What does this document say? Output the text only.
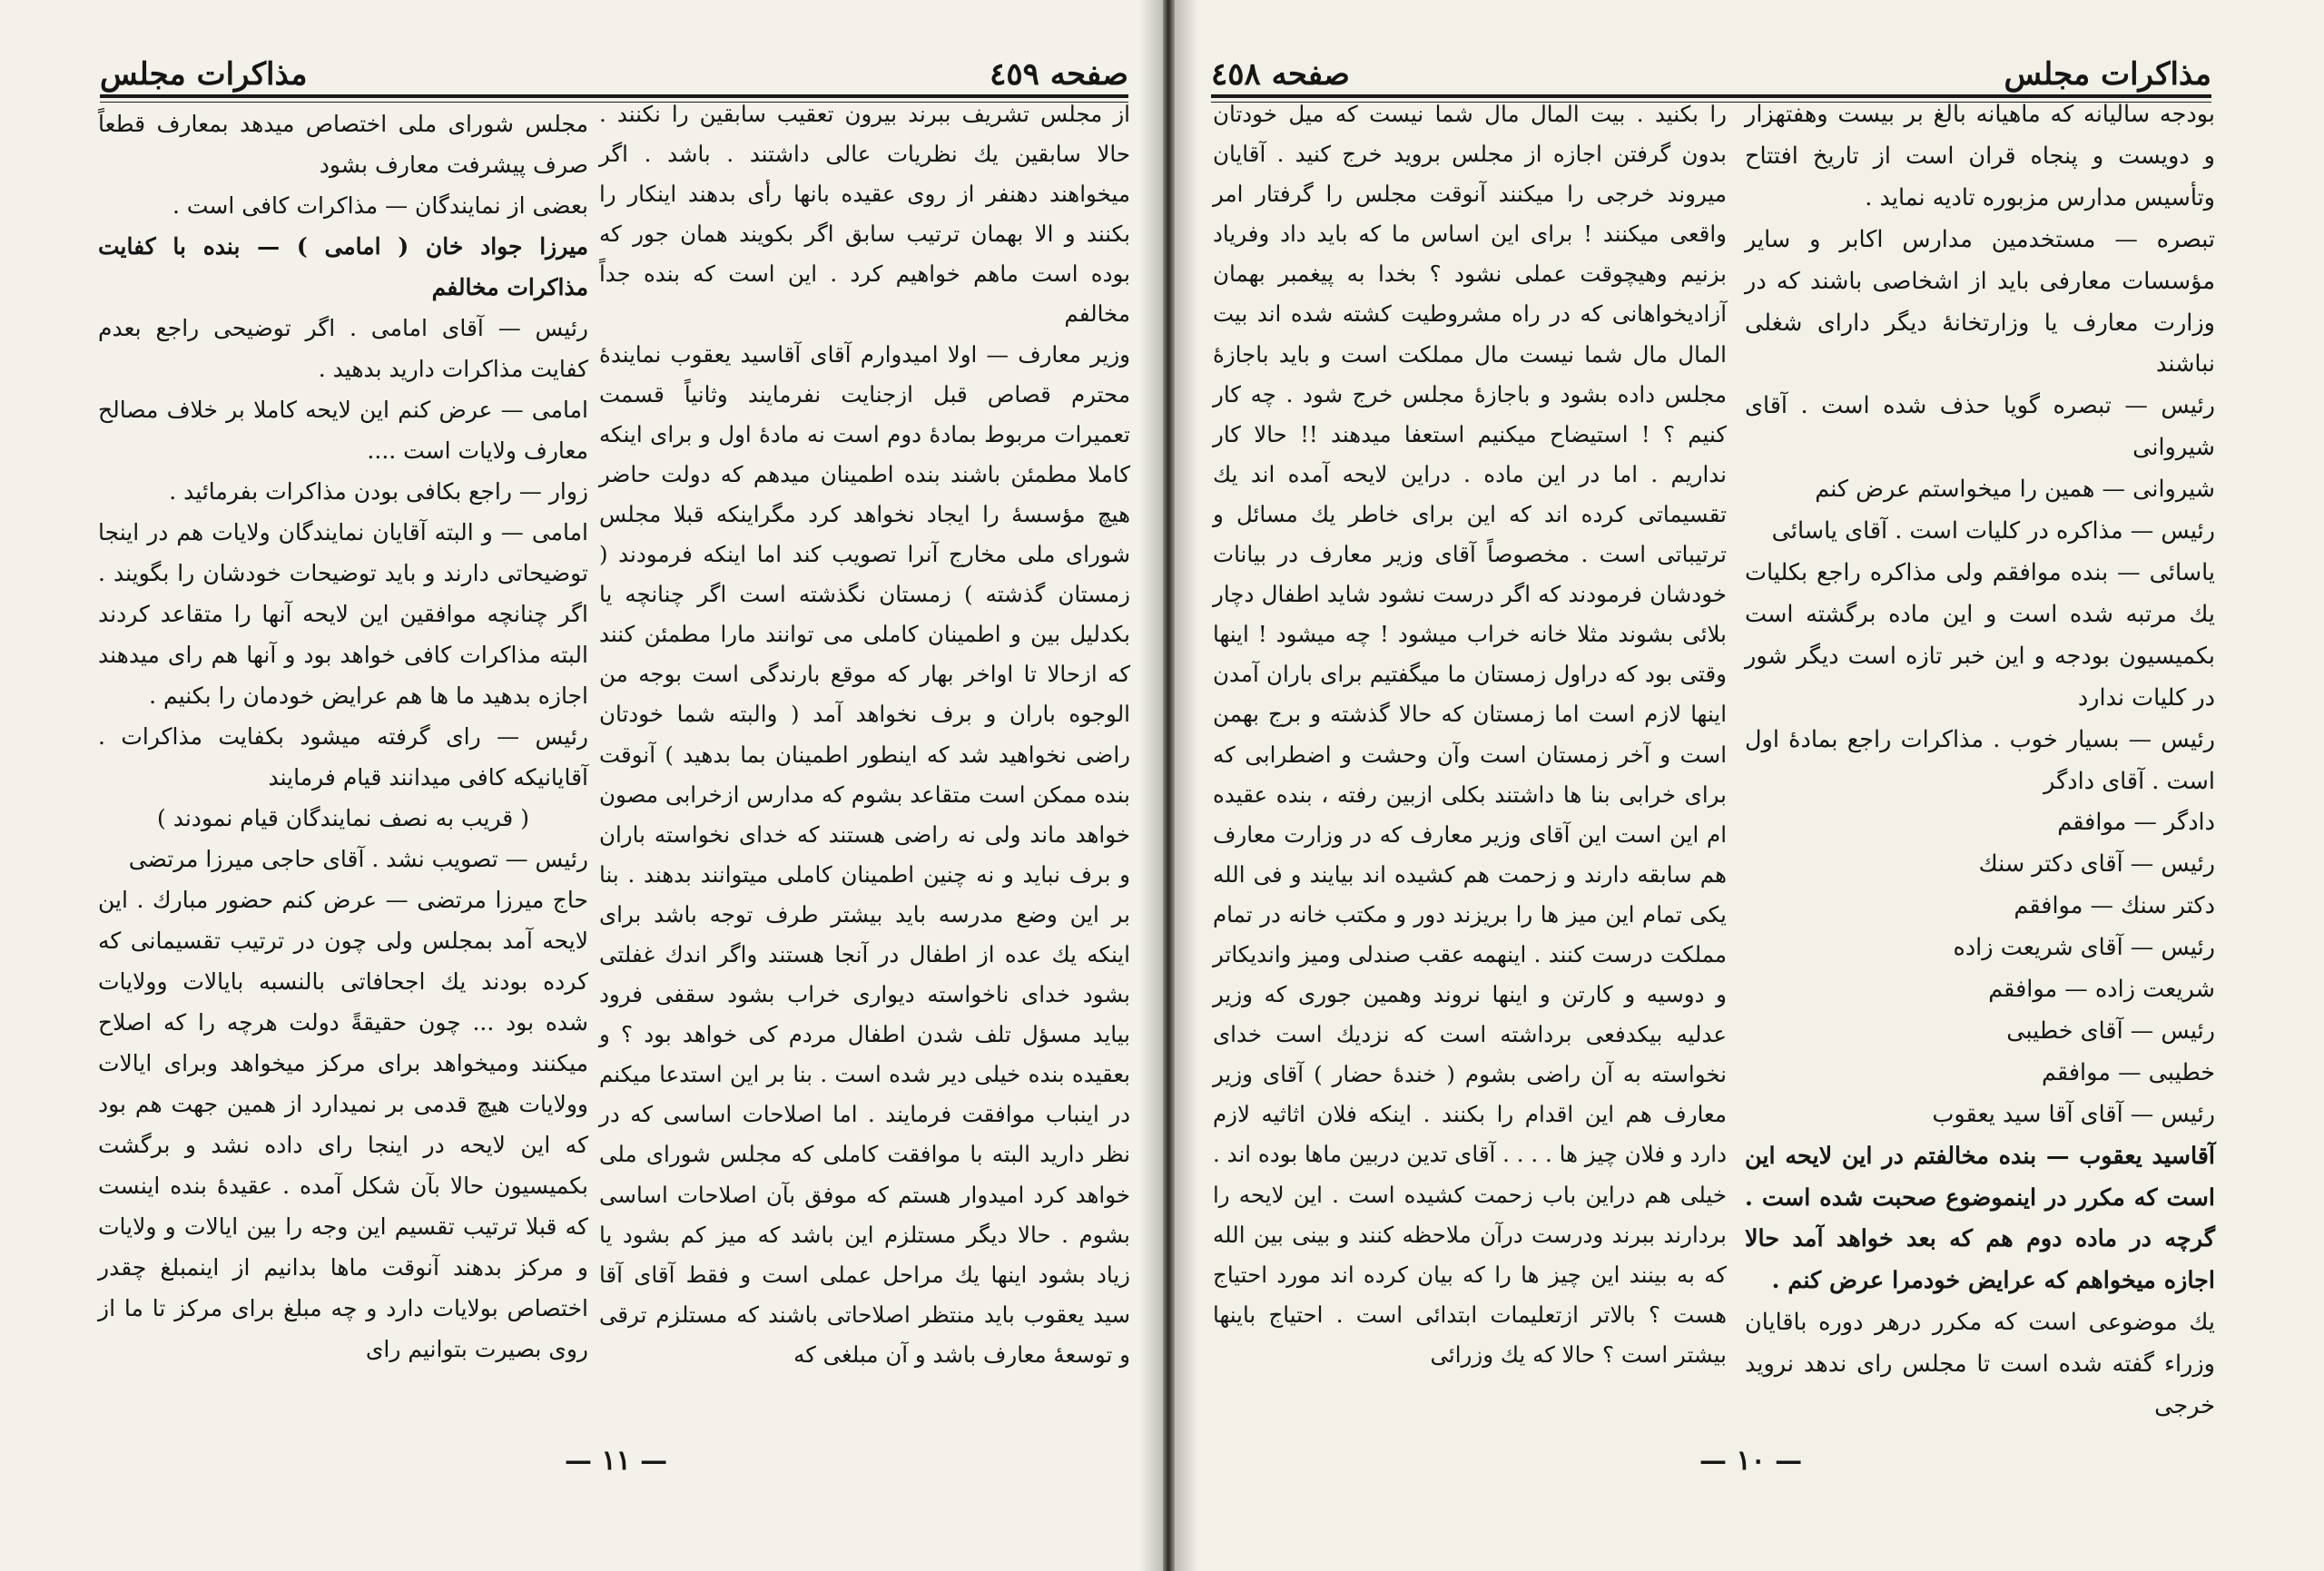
مذاكرات مجلس	صفحه ٤٥٩

از مجلس تشریف ببرند بیرون تعقیب سابقین را نکنند . حالا سابقین یك نظریات عالی داشتند . باشد . اگر میخواهند دهنفر از روی عقیده بانها رأی بدهند اینکار را بکنند و الا بهمان ترتیب سابق اگر بکویند همان جور که بوده است ماهم خواهیم کرد . این است که بنده جداً مخالفم

وزیر معارف — اولا امیدوارم آقای آقاسید یعقوب نمایندهٔ محترم قصاص قبل ازجنایت نفرمایند وثانیاً قسمت تعمیرات مربوط بمادهٔ دوم است نه مادهٔ اول و برای اینکه کاملا مطمئن باشند بنده اطمینان میدهم که دولت حاضر هیچ مؤسسهٔ را ایجاد نخواهد کرد مگراینکه قبلا مجلس شورای ملی مخارج آنرا تصویب کند اما اینکه فرمودند ( زمستان گذشته ) زمستان نگذشته است اگر چنانچه یا بکدلیل بین و اطمینان کاملی می توانند مارا مطمئن کنند که ازحالا تا اواخر بهار که موقع بارندگی است بوجه من الوجوه باران و برف نخواهد آمد ( والبته شما خودتان راضی نخواهید شد که اینطور اطمینان بما بدهید ) آنوقت بنده ممکن است متقاعد بشوم که مدارس ازخرابی مصون خواهد ماند ولی نه راضی هستند که خدای نخواسته باران و برف نباید و نه چنین اطمینان کاملی میتوانند بدهند . بنا بر این وضع مدرسه باید بیشتر طرف توجه باشد برای اینکه یك عده از اطفال در آنجا هستند واگر اندك غفلتی بشود خدای ناخواسته دیواری خراب بشود سقفی فرود بیاید مسؤل تلف شدن اطفال مردم کی خواهد بود ؟ و بعقیده بنده خیلی دیر شده است . بنا بر این استدعا میکنم در اینباب موافقت فرمایند . اما اصلاحات اساسی که در نظر دارید البته با موافقت کاملی که مجلس شورای ملی خواهد کرد امیدوار هستم که موفق بآن اصلاحات اساسی بشوم . حالا دیگر مستلزم این باشد که میز کم بشود یا زیاد بشود اینها یك مراحل عملی است و فقط آقای آقا سید یعقوب باید منتظر اصلاحاتی باشند که مستلزم ترقی و توسعهٔ معارف باشد و آن مبلغی که

مجلس شورای ملی اختصاص میدهد بمعارف قطعاً صرف پیشرفت معارف بشود

بعضی از نمایندگان — مذاکرات کافی است .

میرزا جواد خان ( امامی ) — بنده با کفایت مذاکرات مخالفم

رئیس — آقای امامی . اگر توضیحی راجع بعدم کفایت مذاکرات دارید بدهید .

امامی — عرض کنم این لایحه کاملا بر خلاف مصالح معارف ولایات است ....

زوار — راجع بکافی بودن مذاکرات بفرمائید .

امامی — و البته آقایان نمایندگان ولایات هم در اینجا توضیحاتی دارند و باید توضیحات خودشان را بگویند . اگر چنانچه موافقین این لایحه آنها را متقاعد کردند البته مذاکرات کافی خواهد بود و آنها هم رای میدهند اجازه بدهید ما ها هم عرایض خودمان را بکنیم .

رئیس — رای گرفته میشود بکفایت مذاکرات . آقایانیکه کافی میدانند قیام فرمایند

( قریب به نصف نمایندگان قیام نمودند )

رئیس — تصویب نشد . آقای حاجی میرزا مرتضی

حاج میرزا مرتضی — عرض کنم حضور مبارك . این لایحه آمد بمجلس ولی چون در ترتیب تقسیمانی که کرده بودند یك اجحافاتی بالنسبه بایالات وولایات شده بود ... چون حقیقةً دولت هرچه را که اصلاح میکنند ومیخواهد برای مرکز میخواهد وبرای ایالات وولایات هیچ قدمی بر نمیدارد از همین جهت هم بود که این لایحه در اینجا رای داده نشد و برگشت بکمیسیون حالا بآن شکل آمده . عقیدهٔ بنده اینست که قبلا ترتیب تقسیم این وجه را بین ایالات و ولایات و مرکز بدهند آنوقت ماها بدانیم از اینمبلغ چقدر اختصاص بولایات دارد و چه مبلغ برای مرکز تا ما از روی بصیرت بتوانیم رای

— ١١ —
صفحه ٤٥٨	مذاكرات مجلس

بودجه سالیانه که ماهیانه بالغ بر بیست وهفتهزار و دویست و پنجاه قران است از تاریخ افتتاح وتأسیس مدارس مزبوره تادیه نماید .

تبصره — مستخدمین مدارس اکابر و سایر مؤسسات معارفی باید از اشخاصی باشند که در وزارت معارف یا وزارتخانهٔ دیگر دارای شغلی نباشند

رئیس — تبصره گویا حذف شده است . آقای شیروانی

شیروانی — همین را میخواستم عرض کنم

رئیس — مذاکره در کلیات است . آقای یاسائی

یاسائی — بنده موافقم ولی مذاکره راجع بکلیات یك مرتبه شده است و این ماده برگشته است بکمیسیون بودجه و این خبر تازه است دیگر شور در کلیات ندارد

رئیس — بسیار خوب . مذاکرات راجع بمادهٔ اول است . آقای دادگر

دادگر — موافقم

رئیس — آقای دکتر سنك

دکتر سنك — موافقم

رئیس — آقای شریعت زاده

شریعت زاده — موافقم

رئیس — آقای خطیبی

خطیبی — موافقم

رئیس — آقای آقا سید یعقوب

آقاسید یعقوب — بنده مخالفتم در این لایحه این است که مکرر در اینموضوع صحبت شده است . گرچه در ماده دوم هم که بعد خواهد آمد حالا اجازه میخواهم که عرایض خودمرا عرض کنم .

یك موضوعی است که مکرر درهر دوره باقایان وزراء گفته شده است تا مجلس رای ندهد نروید خرجی

را بکنید . بیت المال مال شما نیست که میل خودتان بدون گرفتن اجازه از مجلس بروید خرج کنید . آقایان میروند خرجی را میکنند آنوقت مجلس را گرفتار امر واقعی میکنند ! برای این اساس ما که باید داد وفریاد بزنیم وهیچوقت عملی نشود ؟ بخدا به پیغمبر بهمان آزادیخواهانی که در راه مشروطیت کشته شده اند بیت المال مال شما نیست مال مملکت است و باید باجازهٔ مجلس داده بشود و باجازهٔ مجلس خرج شود . چه کار کنیم ؟ ! استیضاح میکنیم استعفا میدهند !! حالا کار نداریم . اما در این ماده . دراین لایحه آمده اند یك تقسیماتی کرده اند که این برای خاطر یك مسائل و ترتیباتی است . مخصوصاً آقای وزیر معارف در بیانات خودشان فرمودند که اگر درست نشود شاید اطفال دچار بلائی بشوند مثلا خانه خراب میشود ! چه میشود ! اینها وقتی بود که دراول زمستان ما میگفتیم برای باران آمدن اینها لازم است اما زمستان که حالا گذشته و برج بهمن است و آخر زمستان است وآن وحشت و اضطرابی که برای خرابی بنا ها داشتند بکلی ازبین رفته ، بنده عقیده ام این است این آقای وزیر معارف که در وزارت معارف هم سابقه دارند و زحمت هم کشیده اند بیایند و فی الله یکی تمام این میز ها را بریزند دور و مکتب خانه در تمام مملکت درست کنند . اینهمه عقب صندلی ومیز واندیکاتر و دوسیه و کارتن و اینها نروند وهمین جوری که وزیر عدلیه بیکدفعی برداشته است که نزدیك است خدای نخواسته به آن راضی بشوم ( خندهٔ حضار ) آقای وزیر معارف هم این اقدام را بکنند . اینکه فلان اثاثیه لازم دارد و فلان چیز ها . . . . آقای تدین دربین ماها بوده اند . خیلی هم دراین باب زحمت کشیده است . این لایحه را بردارند ببرند ودرست درآن ملاحظه کنند و بینی بین الله که به بینند این چیز ها را که بیان کرده اند مورد احتیاج هست ؟ بالاتر ازتعلیمات ابتدائی است . احتیاج باینها بیشتر است ؟ حالا که یك وزرائی

— ١٠ —
